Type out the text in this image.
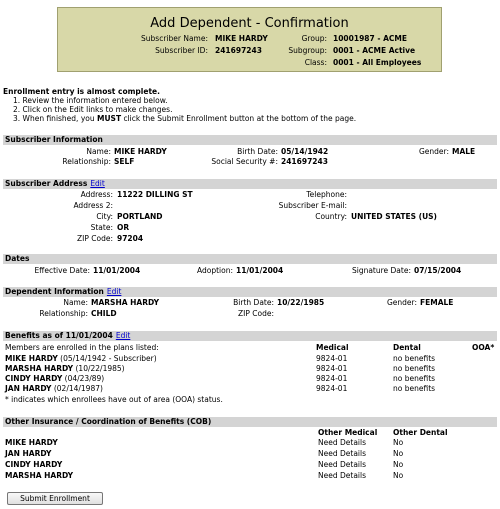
Add Dependent - Confirmation
Subscriber Name: MIKE HARDY
Subscriber ID: 241697243
Group: 10001987 - ACME
Subgroup: 0001 - ACME Active
Class: 0001 - All Employees
Enrollment entry is almost complete.
1. Review the information entered below.
2. Click on the Edit links to make changes.
3. When finished, you MUST click the Submit Enrollment button at the bottom of the page.
Subscriber Information
Name: MIKE HARDY	Birth Date: 05/14/1942	Gender: MALE
Relationship: SELF	Social Security #: 241697243
Subscriber Address Edit
Address: 11222 DILLING ST
Address 2:
City: PORTLAND
State: OR
ZIP Code: 97204
Telephone:
Subscriber E-mail:
Country: UNITED STATES (US)
Dates
Effective Date: 11/01/2004	Adoption: 11/01/2004	Signature Date: 07/15/2004
Dependent Information Edit
Name: MARSHA HARDY	Birth Date: 10/22/1985	Gender: FEMALE
Relationship: CHILD	ZIP Code:
Benefits as of 11/01/2004 Edit
Members are enrolled in the plans listed:	Medical	Dental	OOA*
MIKE HARDY (05/14/1942 - Subscriber)	9824-01	no benefits
MARSHA HARDY (10/22/1985)	9824-01	no benefits
CINDY HARDY (04/23/89)	9824-01	no benefits
JAN HARDY (02/14/1987)	9824-01	no benefits
* indicates which enrollees have out of area (OOA) status.
Other Insurance / Coordination of Benefits (COB)
Other Medical Other Dental
MIKE HARDY	Need Details	No
JAN HARDY	Need Details	No
CINDY HARDY	Need Details	No
MARSHA HARDY	Need Details	No
Submit Enrollment
